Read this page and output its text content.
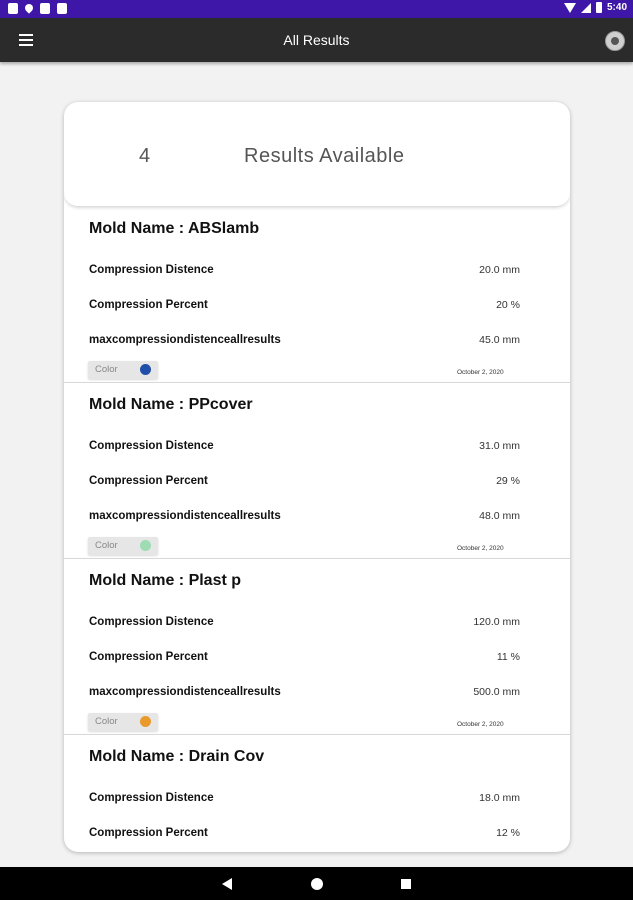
5:40
All Results
4	Results Available
Mold Name : ABSlamb
Compression Distence	20.0 mm
Compression Percent	20 %
maxcompressiondistenceallresults	45.0 mm
Color	October 2, 2020
Mold Name : PPcover
Compression Distence	31.0 mm
Compression Percent	29 %
maxcompressiondistenceallresults	48.0 mm
Color	October 2, 2020
Mold Name : Plast p
Compression Distence	120.0 mm
Compression Percent	11 %
maxcompressiondistenceallresults	500.0 mm
Color	October 2, 2020
Mold Name : Drain Cov
Compression Distence	18.0 mm
Compression Percent	12 %
